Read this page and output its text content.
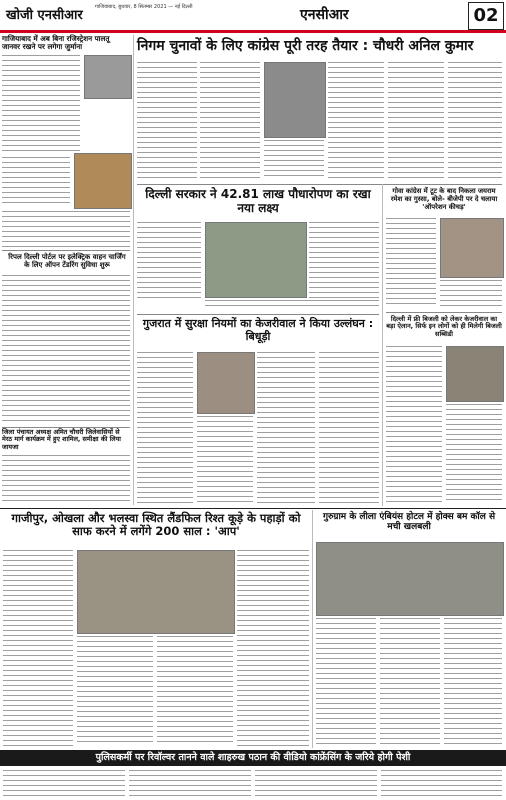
खोजी एनसीआर
गाजियाबाद, बुधवार, 8 सितम्बर 2021 — नई दिल्ली	एनसीआर	02
गाजियाबाद में अब बिना रजिस्ट्रेशन पालतू जानवर रखने पर लगेगा जुर्माना
रिपल दिल्ली पोर्टल पर इलेक्ट्रिक वाहन चार्जिंग के लिए ऑपन टेंडरिंग सुविधा शुरू
जिला पंचायत अध्यक्ष अमित चौधरी जिलेवासियों से मेरठ मार्ग कार्यक्रम में हुए शामिल, समीक्षा की लिया जायजा
निगम चुनावों के लिए कांग्रेस पूरी तरह तैयार : चौधरी अनिल कुमार
दिल्ली सरकार ने 42.81 लाख पौधारोपण का रखा नया लक्ष्य
गुजरात में सुरक्षा नियमों का केजरीवाल ने किया उल्लंघन : बिधूड़ी
गोवा कांग्रेस में टूट के बाद निकला जयराम रमेश का गुस्सा, बोले- बीजेपी पर दे चलाया 'ऑपरेशन कीचड़'
दिल्ली में फ्री बिजली को लेकर केजरीवाल का बड़ा ऐलान, सिर्फ इन लोगों को ही मिलेगी बिजली सब्सिडी
गाजीपुर, ओखला और भलस्वा स्थित लैंडफिल रिश्त कूड़े के पहाड़ों को साफ करने में लगेंगे 200 साल : 'आप'
गुरुग्राम के लीला एंबियंस होटल में होक्स बम कॉल से मची खलबली
पुलिसकर्मी पर रिवॉल्वर तानने वाले शाहरुख पठान की वीडियो कांफ्रेंसिंग के जरिये होगी पेशी
